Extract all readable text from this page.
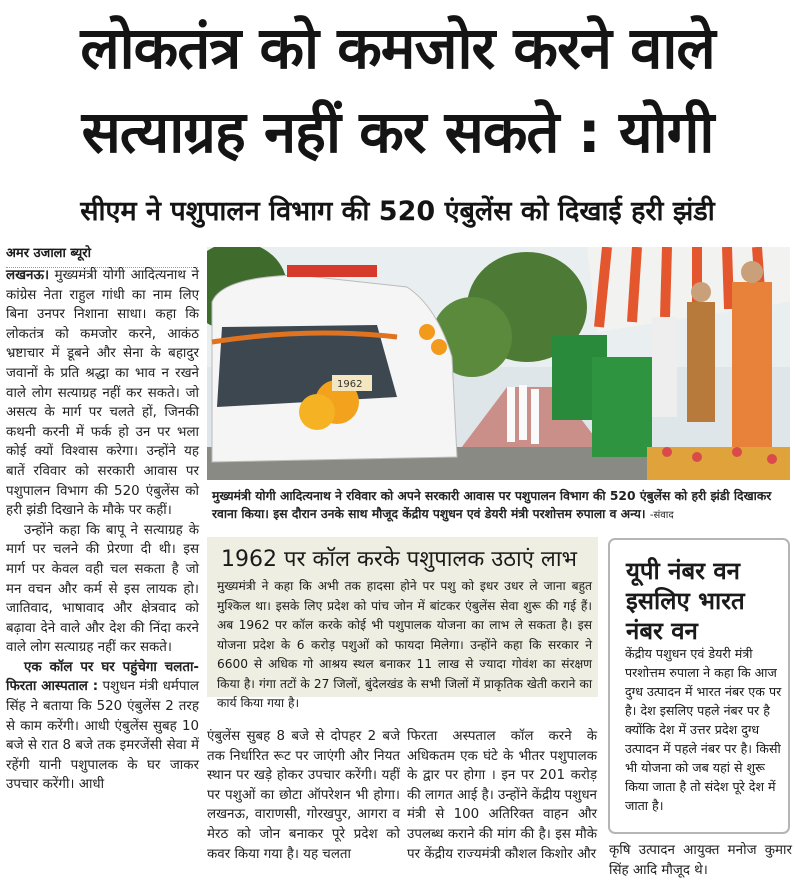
लोकतंत्र को कमजोर करने वाले
सत्याग्रह नहीं कर सकते : योगी
सीएम ने पशुपालन विभाग की 520 एंबुलेंस को दिखाई हरी झंडी
अमर उजाला ब्यूरो

लखनऊ। मुख्यमंत्री योगी आदित्यनाथ ने कांग्रेस नेता राहुल गांधी का नाम लिए बिना उनपर निशाना साधा। कहा कि लोकतंत्र को कमजोर करने, आकंठ भ्रष्टाचार में डूबने और सेना के बहादुर जवानों के प्रति श्रद्धा का भाव न रखने वाले लोग सत्याग्रह नहीं कर सकते। जो असत्य के मार्ग पर चलते हों, जिनकी कथनी करनी में फर्क हो उन पर भला कोई क्यों विश्वास करेगा। उन्होंने यह बातें रविवार को सरकारी आवास पर पशुपालन विभाग की 520 एंबुलेंस को हरी झंडी दिखाने के मौके पर कहीं।

उन्होंने कहा कि बापू ने सत्याग्रह के मार्ग पर चलने की प्रेरणा दी थी। इस मार्ग पर केवल वही चल सकता है जो मन वचन और कर्म से इस लायक हो। जातिवाद, भाषावाद और क्षेत्रवाद को बढ़ावा देने वाले और देश की निंदा करने वाले लोग सत्याग्रह नहीं कर सकते।

एक कॉल पर घर पहुंचेगा चलता-फिरता आस्पताल : पशुधन मंत्री धर्मपाल सिंह ने बताया कि 520 एंबुलेंस 2 तरह से काम करेंगी। आधी एंबुलेंस सुबह 10 बजे से रात 8 बजे तक इमरजेंसी सेवा में रहेंगी यानी पशुपालक के घर जाकर उपचार करेंगी। आधी

1962
मुख्यमंत्री योगी आदित्यनाथ ने रविवार को अपने सरकारी आवास पर पशुपालन विभाग की 520 एंबुलेंस को हरी झंडी दिखाकर रवाना किया। इस दौरान उनके साथ मौजूद केंद्रीय पशुधन एवं डेयरी मंत्री परशोत्तम रुपाला व अन्य। -संवाद
1962 पर कॉल करके पशुपालक उठाएं लाभ
मुख्यमंत्री ने कहा कि अभी तक हादसा होने पर पशु को इधर उधर ले जाना बहुत मुश्किल था। इसके लिए प्रदेश को पांच जोन में बांटकर एंबुलेंस सेवा शुरू की गई हैं। अब 1962 पर कॉल करके कोई भी पशुपालक योजना का लाभ ले सकता है। इस योजना प्रदेश के 6 करोड़ पशुओं को फायदा मिलेगा। उन्होंने कहा कि सरकार ने 6600 से अधिक गो आश्रय स्थल बनाकर 11 लाख से ज्यादा गोवंश का संरक्षण किया है। गंगा तटों के 27 जिलों, बुंदेलखंड के सभी जिलों में प्राकृतिक खेती कराने का कार्य किया गया है।
यूपी नंबर वन इसलिए भारत नंबर वन
केंद्रीय पशुधन एवं डेयरी मंत्री परशोत्तम रुपाला ने कहा कि आज दुग्ध उत्पादन में भारत नंबर एक पर है। देश इसलिए पहले नंबर पर है क्योंकि देश में उत्तर प्रदेश दुग्ध उत्पादन में पहले नंबर पर है। किसी भी योजना को जब यहां से शुरू किया जाता है तो संदेश पूरे देश में जाता है।
एंबुलेंस सुबह 8 बजे से दोपहर 2 बजे तक निर्धारित रूट पर जाएंगी और नियत स्थान पर खड़े होकर उपचार करेंगी। यहीं पर पशुओं का छोटा ऑपरेशन भी होगा। लखनऊ, वाराणसी, गोरखपुर, आगरा व मेरठ को जोन बनाकर पूरे प्रदेश को कवर किया गया है। यह चलता
फिरता अस्पताल कॉल करने के अधिकतम एक घंटे के भीतर पशुपालक के द्वार पर होगा । इन पर 201 करोड़ की लागत आई है। उन्होंने केंद्रीय पशुधन मंत्री से 100 अतिरिक्त वाहन और उपलब्ध कराने की मांग की है। इस मौके पर केंद्रीय राज्यमंत्री कौशल किशोर और कृषि उत्पादन आयुक्त मनोज कुमार सिंह आदि मौजूद थे।
